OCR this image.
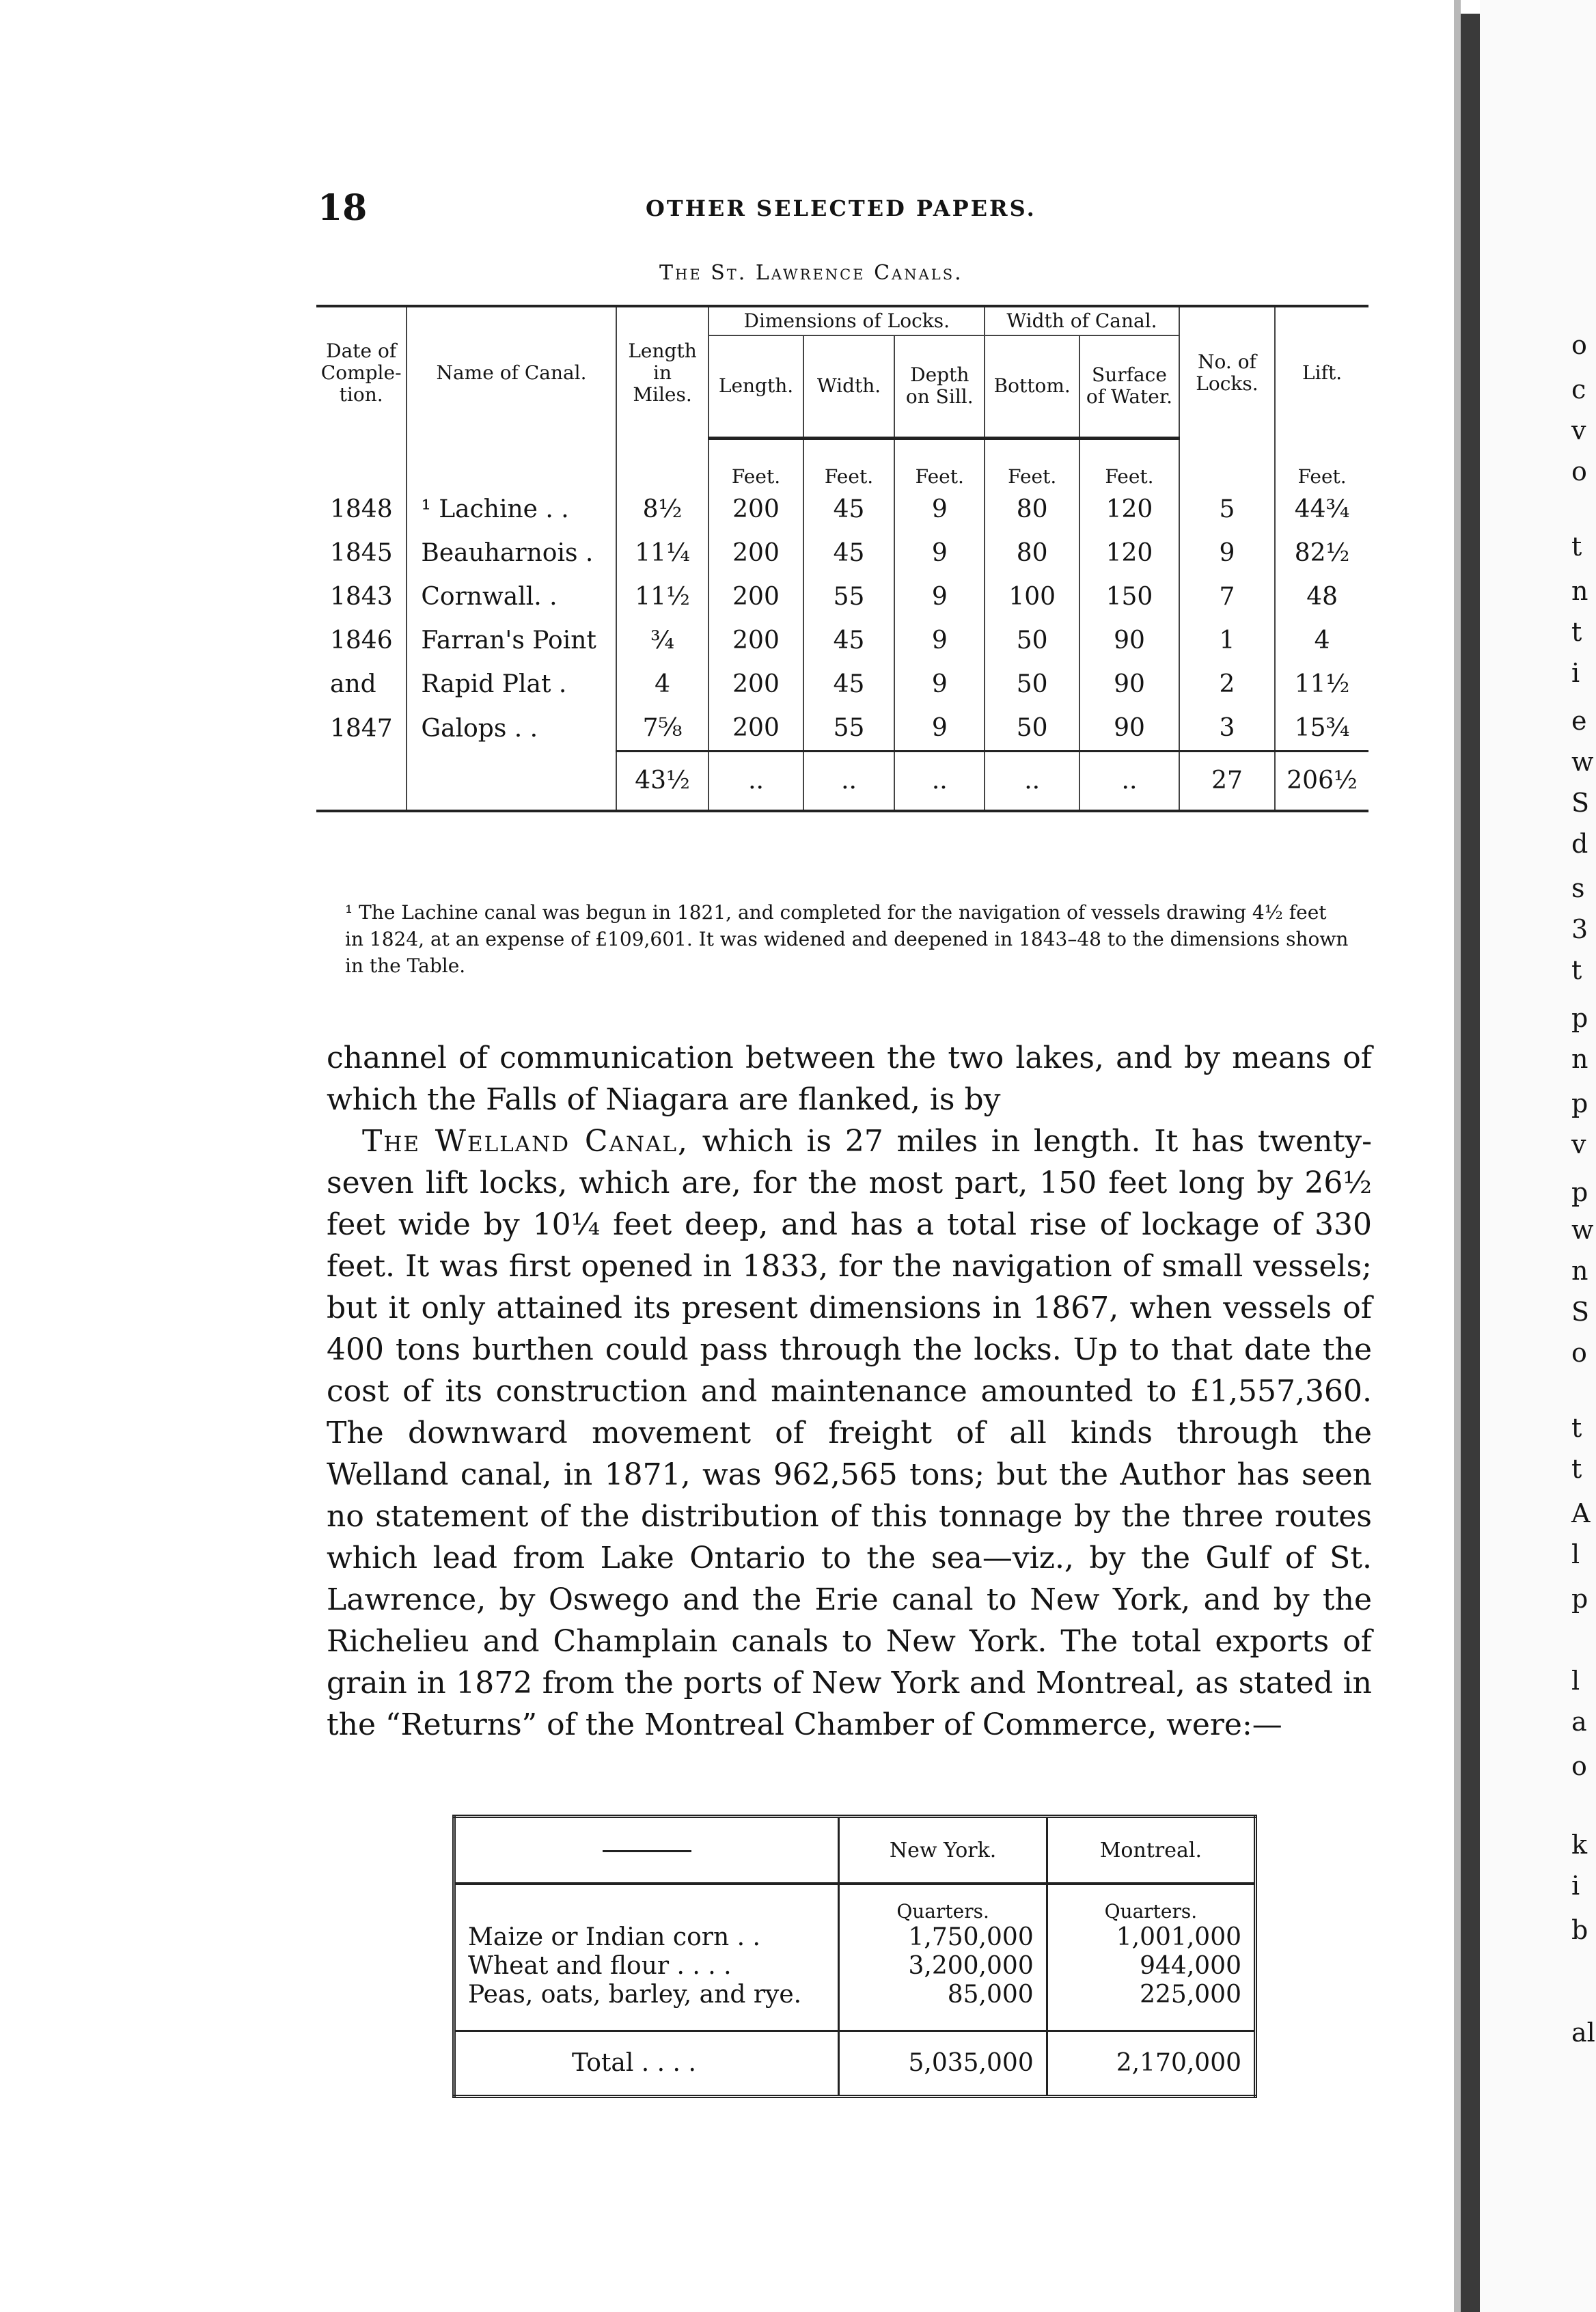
18	OTHER SELECTED PAPERS.
The St. Lawrence Canals.
Date of Comple-tion.	Name of Canal.	Length in Miles.	Dimensions of Locks.			Width of Canal.		No. of Locks.	Lift.
			Length.	Width.	Depth on Sill.	Bottom.	Surface of Water.		
			Feet.	Feet.	Feet.	Feet.	Feet.		Feet.
1848	¹ Lachine . .	8½	200	45	9	80	120	5	44¾
1845	Beauharnois .	11¼	200	45	9	80	120	9	82½
1843	Cornwall. .	11½	200	55	9	100	150	7	48
1846	Farran's Point	¾	200	45	9	50	90	1	4
and	Rapid Plat .	4	200	45	9	50	90	2	11½
1847	Galops . .	7⅝	200	55	9	50	90	3	15¾
		43½	..	..	..	..	..	27	206½
¹ The Lachine canal was begun in 1821, and completed for the navigation of vessels drawing 4½ feet in 1824, at an expense of £109,601. It was widened and deepened in 1843–48 to the dimensions shown in the Table.

channel of communication between the two lakes, and by means of which the Falls of Niagara are flanked, is by

The Welland Canal, which is 27 miles in length. It has twenty-seven lift locks, which are, for the most part, 150 feet long by 26½ feet wide by 10¼ feet deep, and has a total rise of lockage of 330 feet. It was first opened in 1833, for the navigation of small vessels; but it only attained its present dimensions in 1867, when vessels of 400 tons burthen could pass through the locks. Up to that date the cost of its construction and maintenance amounted to £1,557,360. The downward movement of freight of all kinds through the Welland canal, in 1871, was 962,565 tons; but the Author has seen no statement of the distribution of this tonnage by the three routes which lead from Lake Ontario to the sea—viz., by the Gulf of St. Lawrence, by Oswego and the Erie canal to New York, and by the Richelieu and Champlain canals to New York. The total exports of grain in 1872 from the ports of New York and Montreal, as stated in the “Returns” of the Montreal Chamber of Commerce, were:—

	New York.	Montreal.
	Quarters.	Quarters.
Maize or Indian corn . .	1,750,000	1,001,000
Wheat and flour . . . .	3,200,000	944,000
Peas, oats, barley, and rye.	85,000	225,000
Total . . . .	5,035,000	2,170,000
o
c
v
o
t
n
t
i
e
w
S
d
s
3
t
p
n
p
v
p
w
n
S
o
t
t
A
l
p
l
a
o
k
i
b
al
